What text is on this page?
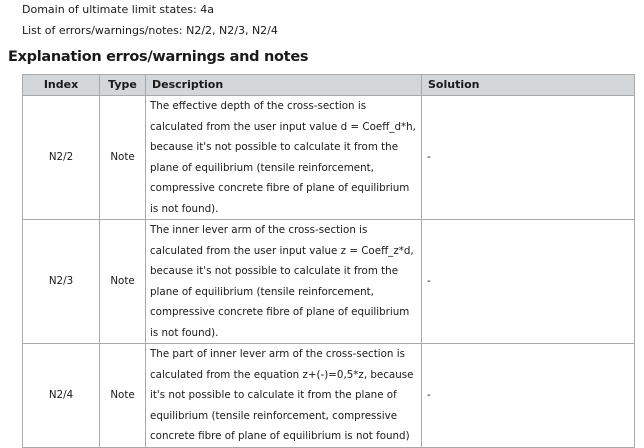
Domain of ultimate limit states: 4a
List of errors/warnings/notes: N2/2, N2/3, N2/4
Explanation erros/warnings and notes
Index	Type	Description	Solution
N2/2	Note	The effective depth of the cross-section is calculated from the user input value d = Coeff_d*h, because it's not possible to calculate it from the plane of equilibrium (tensile reinforcement, compressive concrete fibre of plane of equilibrium is not found).	-
N2/3	Note	The inner lever arm of the cross-section is calculated from the user input value z = Coeff_z*d, because it's not possible to calculate it from the plane of equilibrium (tensile reinforcement, compressive concrete fibre of plane of equilibrium is not found).	-
N2/4	Note	The part of inner lever arm of the cross-section is calculated from the equation z+(-)=0,5*z, because it's not possible to calculate it from the plane of equilibrium (tensile reinforcement, compressive concrete fibre of plane of equilibrium is not found)	-
